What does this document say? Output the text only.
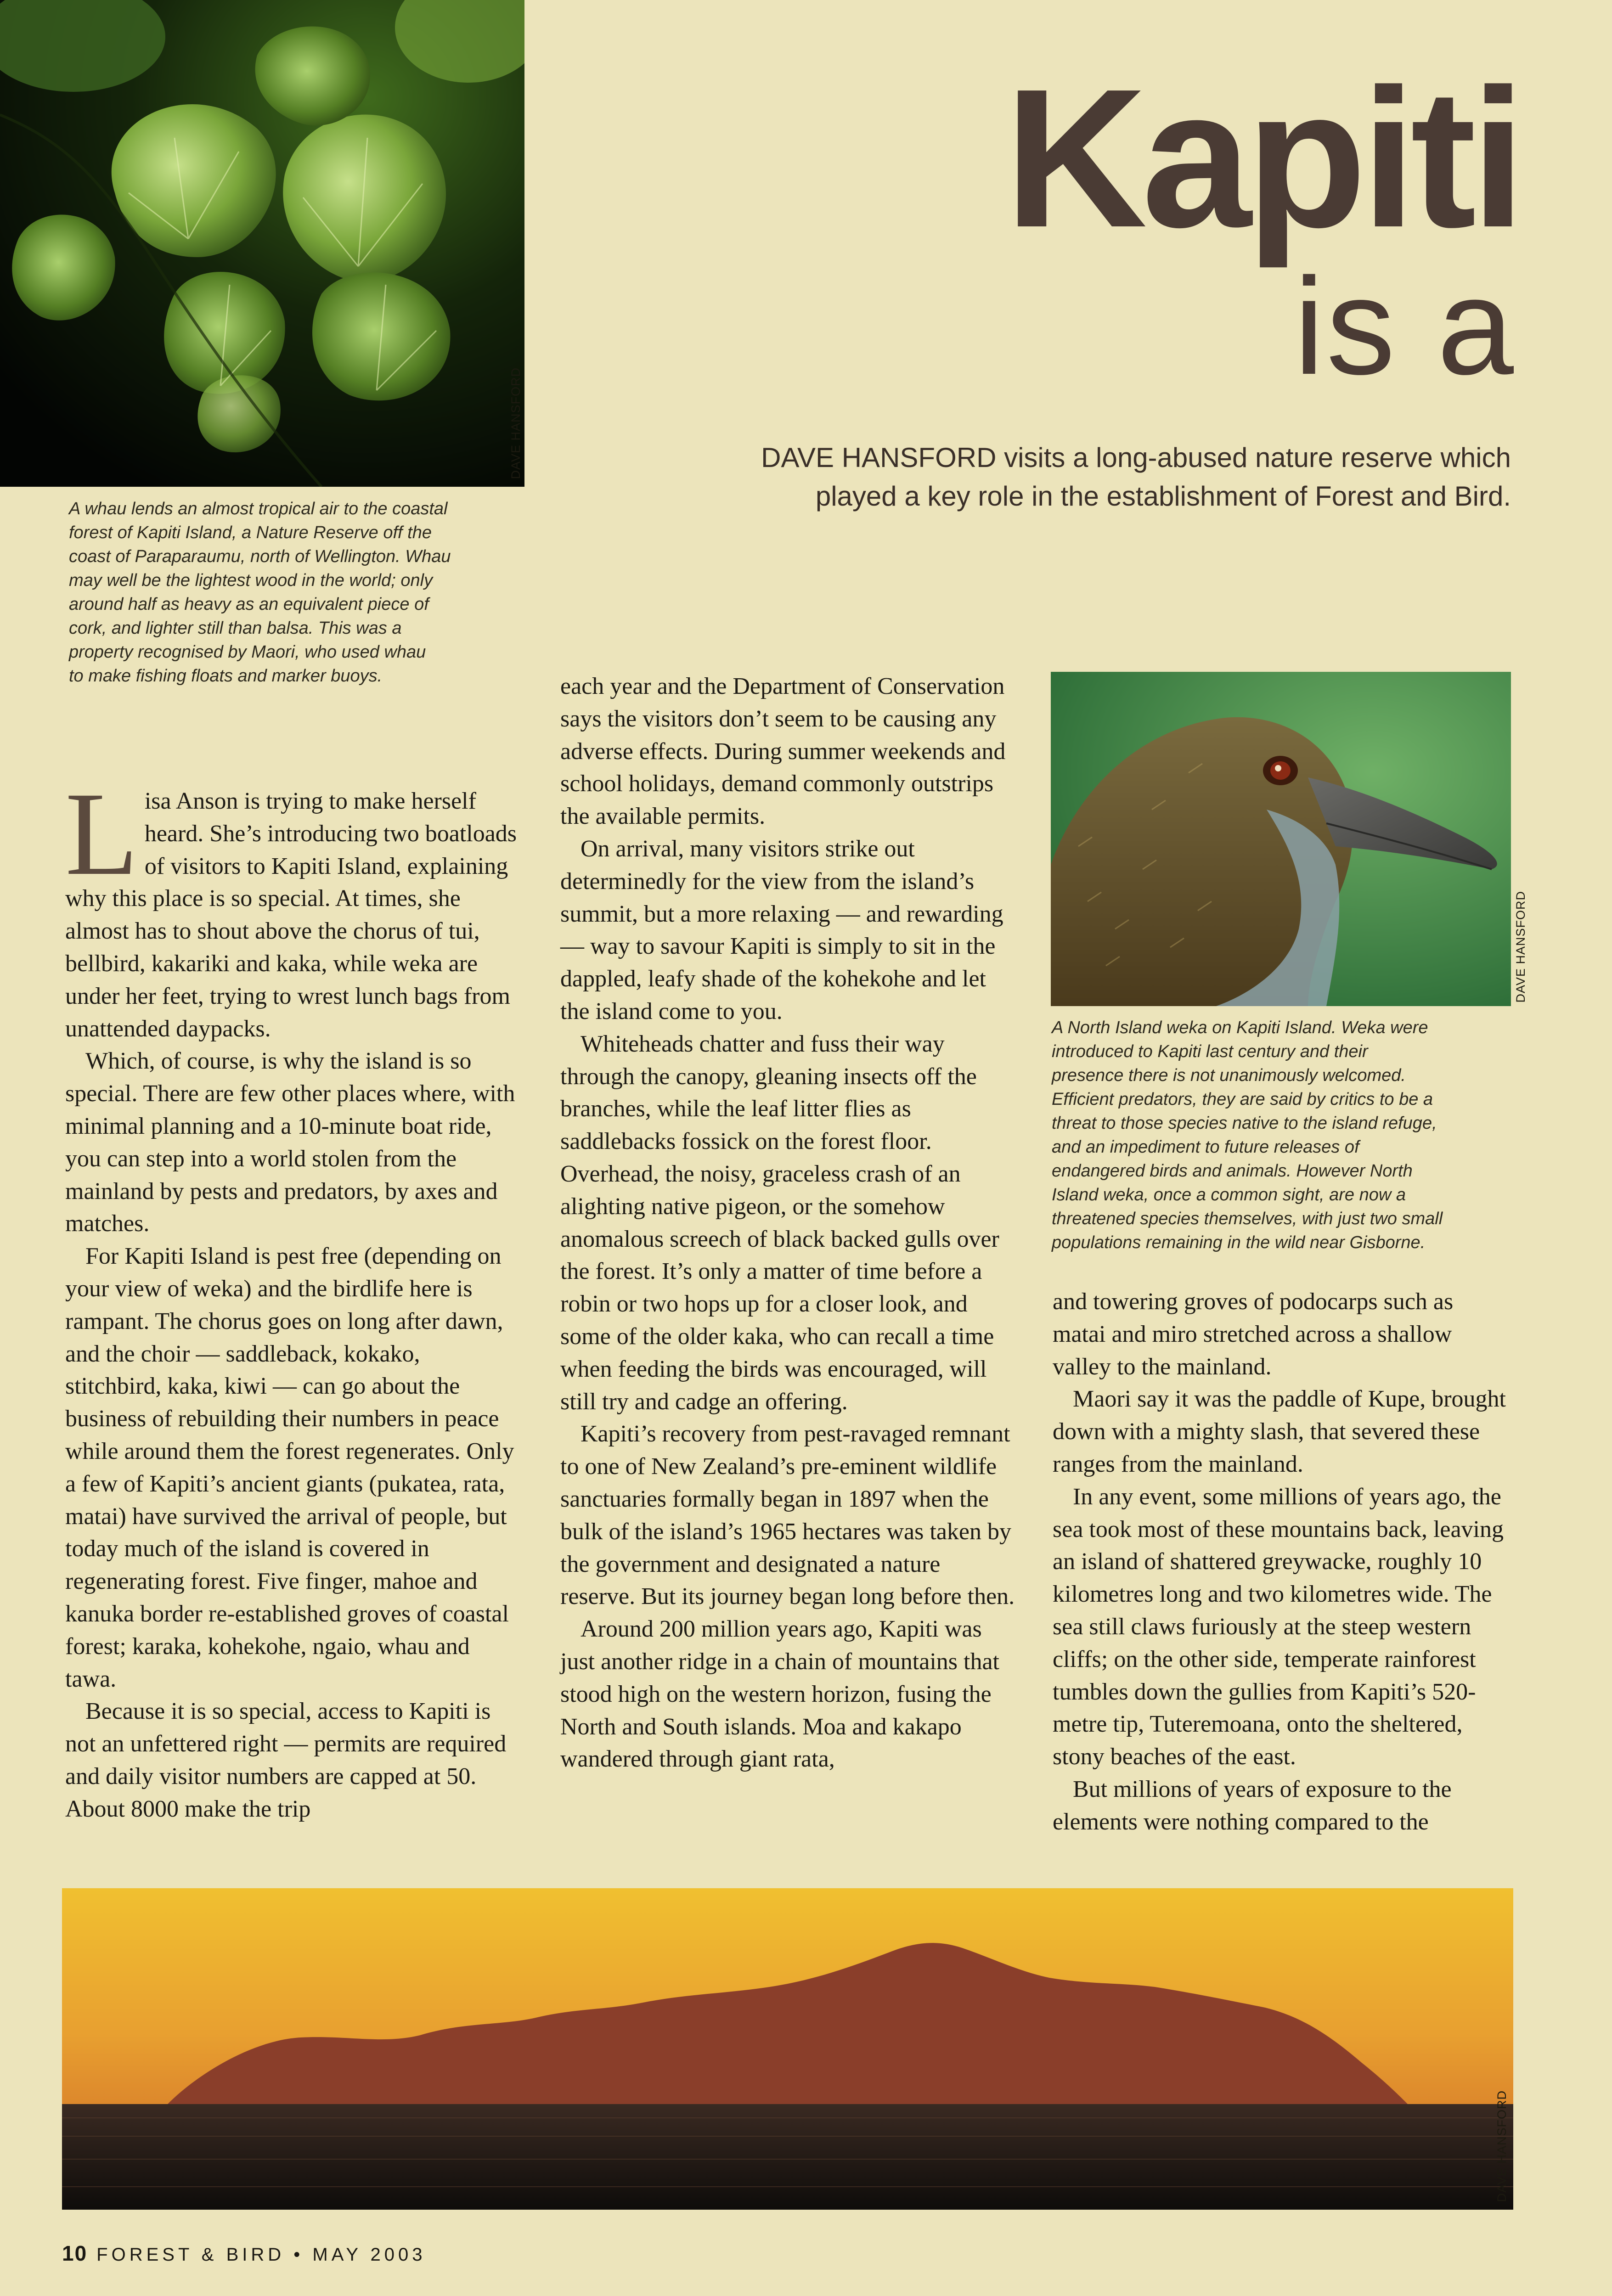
DAVE HANSFORD
A whau lends an almost tropical air to the coastal
forest of Kapiti Island, a Nature Reserve off the
coast of Paraparaumu, north of Wellington. Whau
may well be the lightest wood in the world; only
around half as heavy as an equivalent piece of
cork, and lighter still than balsa. This was a
property recognised by Maori, who used whau
to make fishing floats and marker buoys.
Kapiti
is a
DAVE HANSFORD visits a long-abused nature reserve which
played a key role in the establishment of Forest and Bird.
DAVE HANSFORD
A North Island weka on Kapiti Island. Weka were
introduced to Kapiti last century and their
presence there is not unanimously welcomed.
Efficient predators, they are said by critics to be a
threat to those species native to the island refuge,
and an impediment to future releases of
endangered birds and animals. However North
Island weka, once a common sight, are now a
threatened species themselves, with just two small
populations remaining in the wild near Gisborne.

Lisa Anson is trying to make herself heard. She’s introducing two boatloads of visitors to Kapiti Island, explaining why this place is so special. At times, she almost has to shout above the chorus of tui, bellbird, kakariki and kaka, while weka are under her feet, trying to wrest lunch bags from unattended daypacks.

Which, of course, is why the island is so special. There are few other places where, with minimal planning and a 10-minute boat ride, you can step into a world stolen from the mainland by pests and predators, by axes and matches.

For Kapiti Island is pest free (depending on your view of weka) and the birdlife here is rampant. The chorus goes on long after dawn, and the choir — saddleback, kokako, stitchbird, kaka, kiwi — can go about the business of rebuilding their numbers in peace while around them the forest regenerates. Only a few of Kapiti’s ancient giants (pukatea, rata, matai) have survived the arrival of people, but today much of the island is covered in regenerating forest. Five finger, mahoe and kanuka border re-established groves of coastal forest; karaka, kohekohe, ngaio, whau and tawa.

Because it is so special, access to Kapiti is not an unfettered right — permits are required and daily visitor numbers are capped at 50. About 8000 make the trip

each year and the Department of Conservation says the visitors don’t seem to be causing any adverse effects. During summer weekends and school holidays, demand commonly outstrips the available permits.

On arrival, many visitors strike out determinedly for the view from the island’s summit, but a more relaxing — and rewarding — way to savour Kapiti is simply to sit in the dappled, leafy shade of the kohekohe and let the island come to you.

Whiteheads chatter and fuss their way through the canopy, gleaning insects off the branches, while the leaf litter flies as saddlebacks fossick on the forest floor. Overhead, the noisy, graceless crash of an alighting native pigeon, or the somehow anomalous screech of black backed gulls over the forest. It’s only a matter of time before a robin or two hops up for a closer look, and some of the older kaka, who can recall a time when feeding the birds was encouraged, will still try and cadge an offering.

Kapiti’s recovery from pest-ravaged remnant to one of New Zealand’s pre-eminent wildlife sanctuaries formally began in 1897 when the bulk of the island’s 1965 hectares was taken by the government and designated a nature reserve. But its journey began long before then.

Around 200 million years ago, Kapiti was just another ridge in a chain of mountains that stood high on the western horizon, fusing the North and South islands. Moa and kakapo wandered through giant rata,

and towering groves of podocarps such as matai and miro stretched across a shallow valley to the mainland.

Maori say it was the paddle of Kupe, brought down with a mighty slash, that severed these ranges from the mainland.

In any event, some millions of years ago, the sea took most of these mountains back, leaving an island of shattered greywacke, roughly 10 kilometres long and two kilometres wide. The sea still claws furiously at the steep western cliffs; on the other side, temperate rainforest tumbles down the gullies from Kapiti’s 520-metre tip, Tuteremoana, onto the sheltered, stony beaches of the east.

But millions of years of exposure to the elements were nothing compared to the

DAVE HANSFORD
10 FOREST & BIRD • MAY 2003
